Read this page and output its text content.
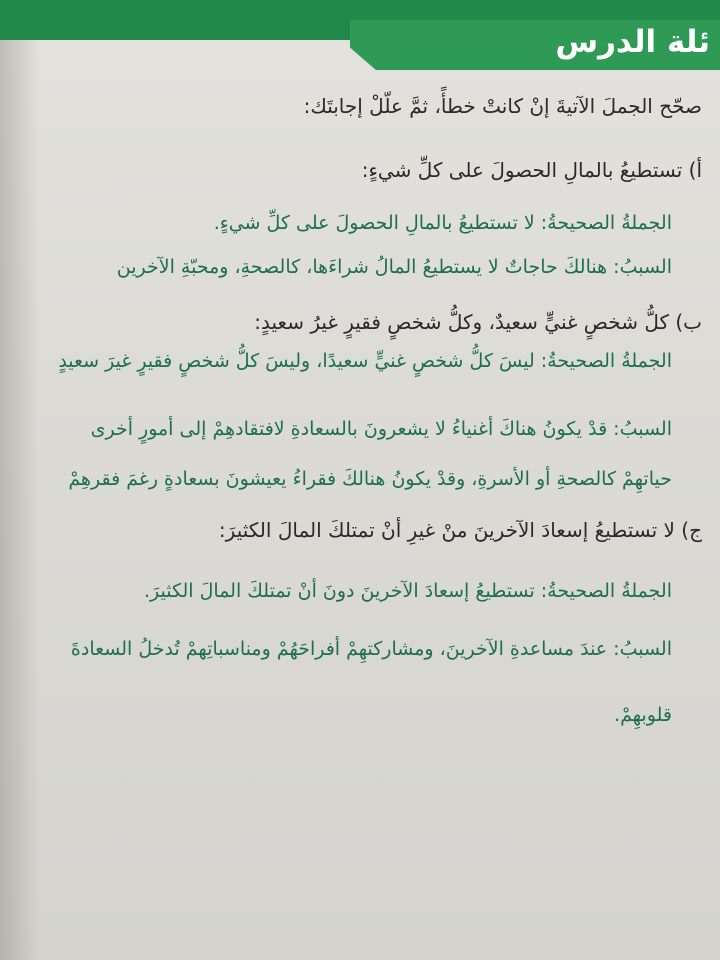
ئلة الدرس
صحّح الجملَ الآتيةَ إنْ كانتْ خطأً، ثمَّ علّلْ إجابتَك:
أ) تستطيعُ بالمالِ الحصولَ على كلِّ شيءٍ:
الجملةُ الصحيحةُ: لا تستطيعُ بالمالِ الحصولَ على كلِّ شيءٍ.
السببُ: هنالكَ حاجاتٌ لا يستطيعُ المالُ شراءَها، كالصحةِ، ومحبّةِ الآخرين
ب) كلُّ شخصٍ غنيٍّ سعيدٌ، وكلُّ شخصٍ فقيرٍ غيرُ سعيدٍ:
الجملةُ الصحيحةُ: ليسَ كلُّ شخصٍ غنيٍّ سعيدًا، وليسَ كلُّ شخصٍ فقيرٍ غيرَ سعيدٍ
السببُ: قدْ يكونُ هناكَ أغنياءُ لا يشعرونَ بالسعادةِ لافتقادهِمْ إلى أمورٍ أخرى
حياتهِمْ كالصحةِ أو الأسرةِ، وقدْ يكونُ هنالكَ فقراءُ يعيشونَ بسعادةٍ رغمَ فقرهِمْ
ج) لا تستطيعُ إسعادَ الآخرينَ منْ غيرِ أنْ تمتلكَ المالَ الكثيرَ:
الجملةُ الصحيحةُ: تستطيعُ إسعادَ الآخرينَ دونَ أنْ تمتلكَ المالَ الكثيرَ.
السببُ: عندَ مساعدةِ الآخرينَ، ومشاركتهِمْ أفراحَهُمْ ومناسباتِهمْ تُدخلُ السعادةَ
قلوبهِمْ.
